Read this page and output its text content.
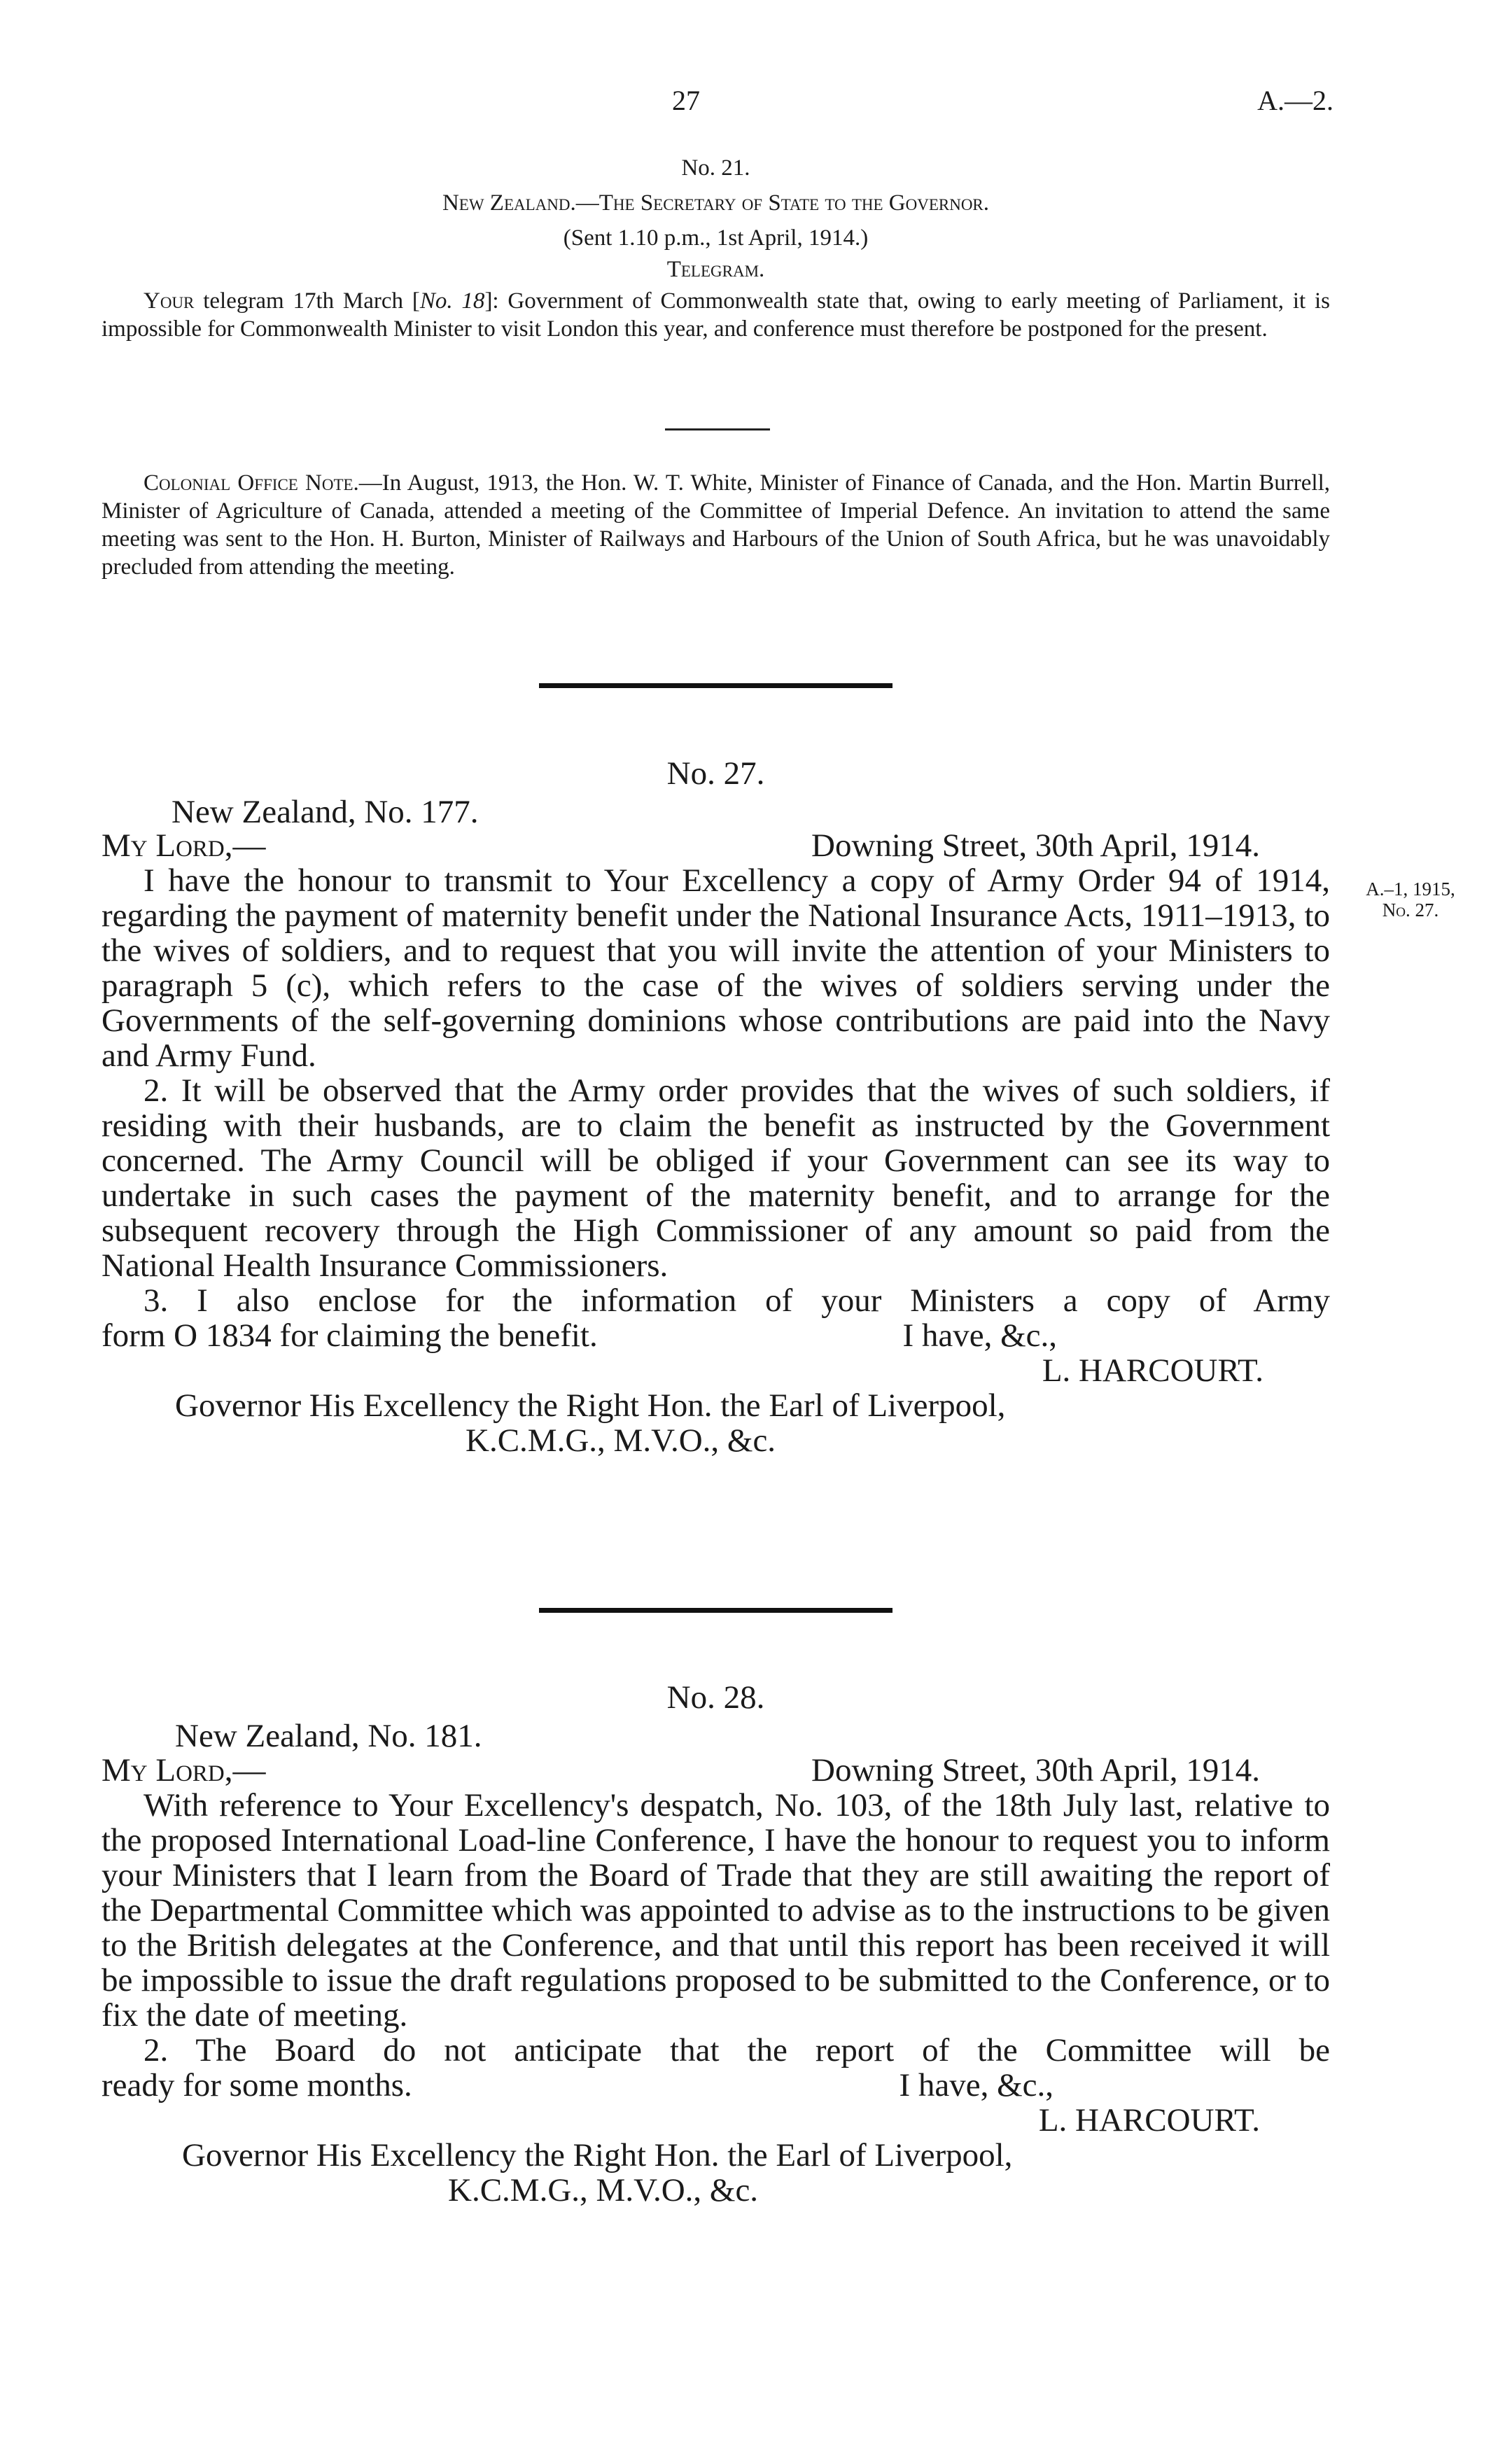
27	A.—2.
No. 21.
New Zealand.—The Secretary of State to the Governor.
(Sent 1.10 p.m., 1st April, 1914.)
Telegram.

Your telegram 17th March [No. 18]: Government of Commonwealth state that, owing to early meeting of Parliament, it is impossible for Commonwealth Minister to visit London this year, and conference must therefore be postponed for the present.

Colonial Office Note.—In August, 1913, the Hon. W. T. White, Minister of Finance of Canada, and the Hon. Martin Burrell, Minister of Agriculture of Canada, attended a meeting of the Committee of Imperial Defence. An invitation to attend the same meeting was sent to the Hon. H. Burton, Minister of Railways and Harbours of the Union of South Africa, but he was unavoidably precluded from attending the meeting.

No. 27.
New Zealand, No. 177.
My Lord,—	Downing Street, 30th April, 1914.

I have the honour to transmit to Your Excellency a copy of Army Order 94 of 1914, regarding the payment of maternity benefit under the National Insurance Acts, 1911–1913, to the wives of soldiers, and to request that you will invite the attention of your Ministers to paragraph 5 (c), which refers to the case of the wives of soldiers serving under the Governments of the self-governing dominions whose contributions are paid into the Navy and Army Fund.

2. It will be observed that the Army order provides that the wives of such soldiers, if residing with their husbands, are to claim the benefit as instructed by the Government concerned. The Army Council will be obliged if your Government can see its way to undertake in such cases the payment of the maternity benefit, and to arrange for the subsequent recovery through the High Commissioner of any amount so paid from the National Health Insurance Commissioners.

3. I also enclose for the information of your Ministers a copy of Army

form O 1834 for claiming the benefit.	I have, &c.,
L. HARCOURT.
Governor His Excellency the Right Hon. the Earl of Liverpool,
K.C.M.G., M.V.O., &c.
A.–1, 1915,
No. 27.
No. 28.
New Zealand, No. 181.
My Lord,—	Downing Street, 30th April, 1914.

With reference to Your Excellency's despatch, No. 103, of the 18th July last, relative to the proposed International Load-line Conference, I have the honour to request you to inform your Ministers that I learn from the Board of Trade that they are still awaiting the report of the Departmental Committee which was appointed to advise as to the instructions to be given to the British delegates at the Conference, and that until this report has been received it will be impossible to issue the draft regulations proposed to be submitted to the Conference, or to fix the date of meeting.

2. The Board do not anticipate that the report of the Committee will be

ready for some months.	I have, &c.,
L. HARCOURT.
Governor His Excellency the Right Hon. the Earl of Liverpool,
K.C.M.G., M.V.O., &c.
